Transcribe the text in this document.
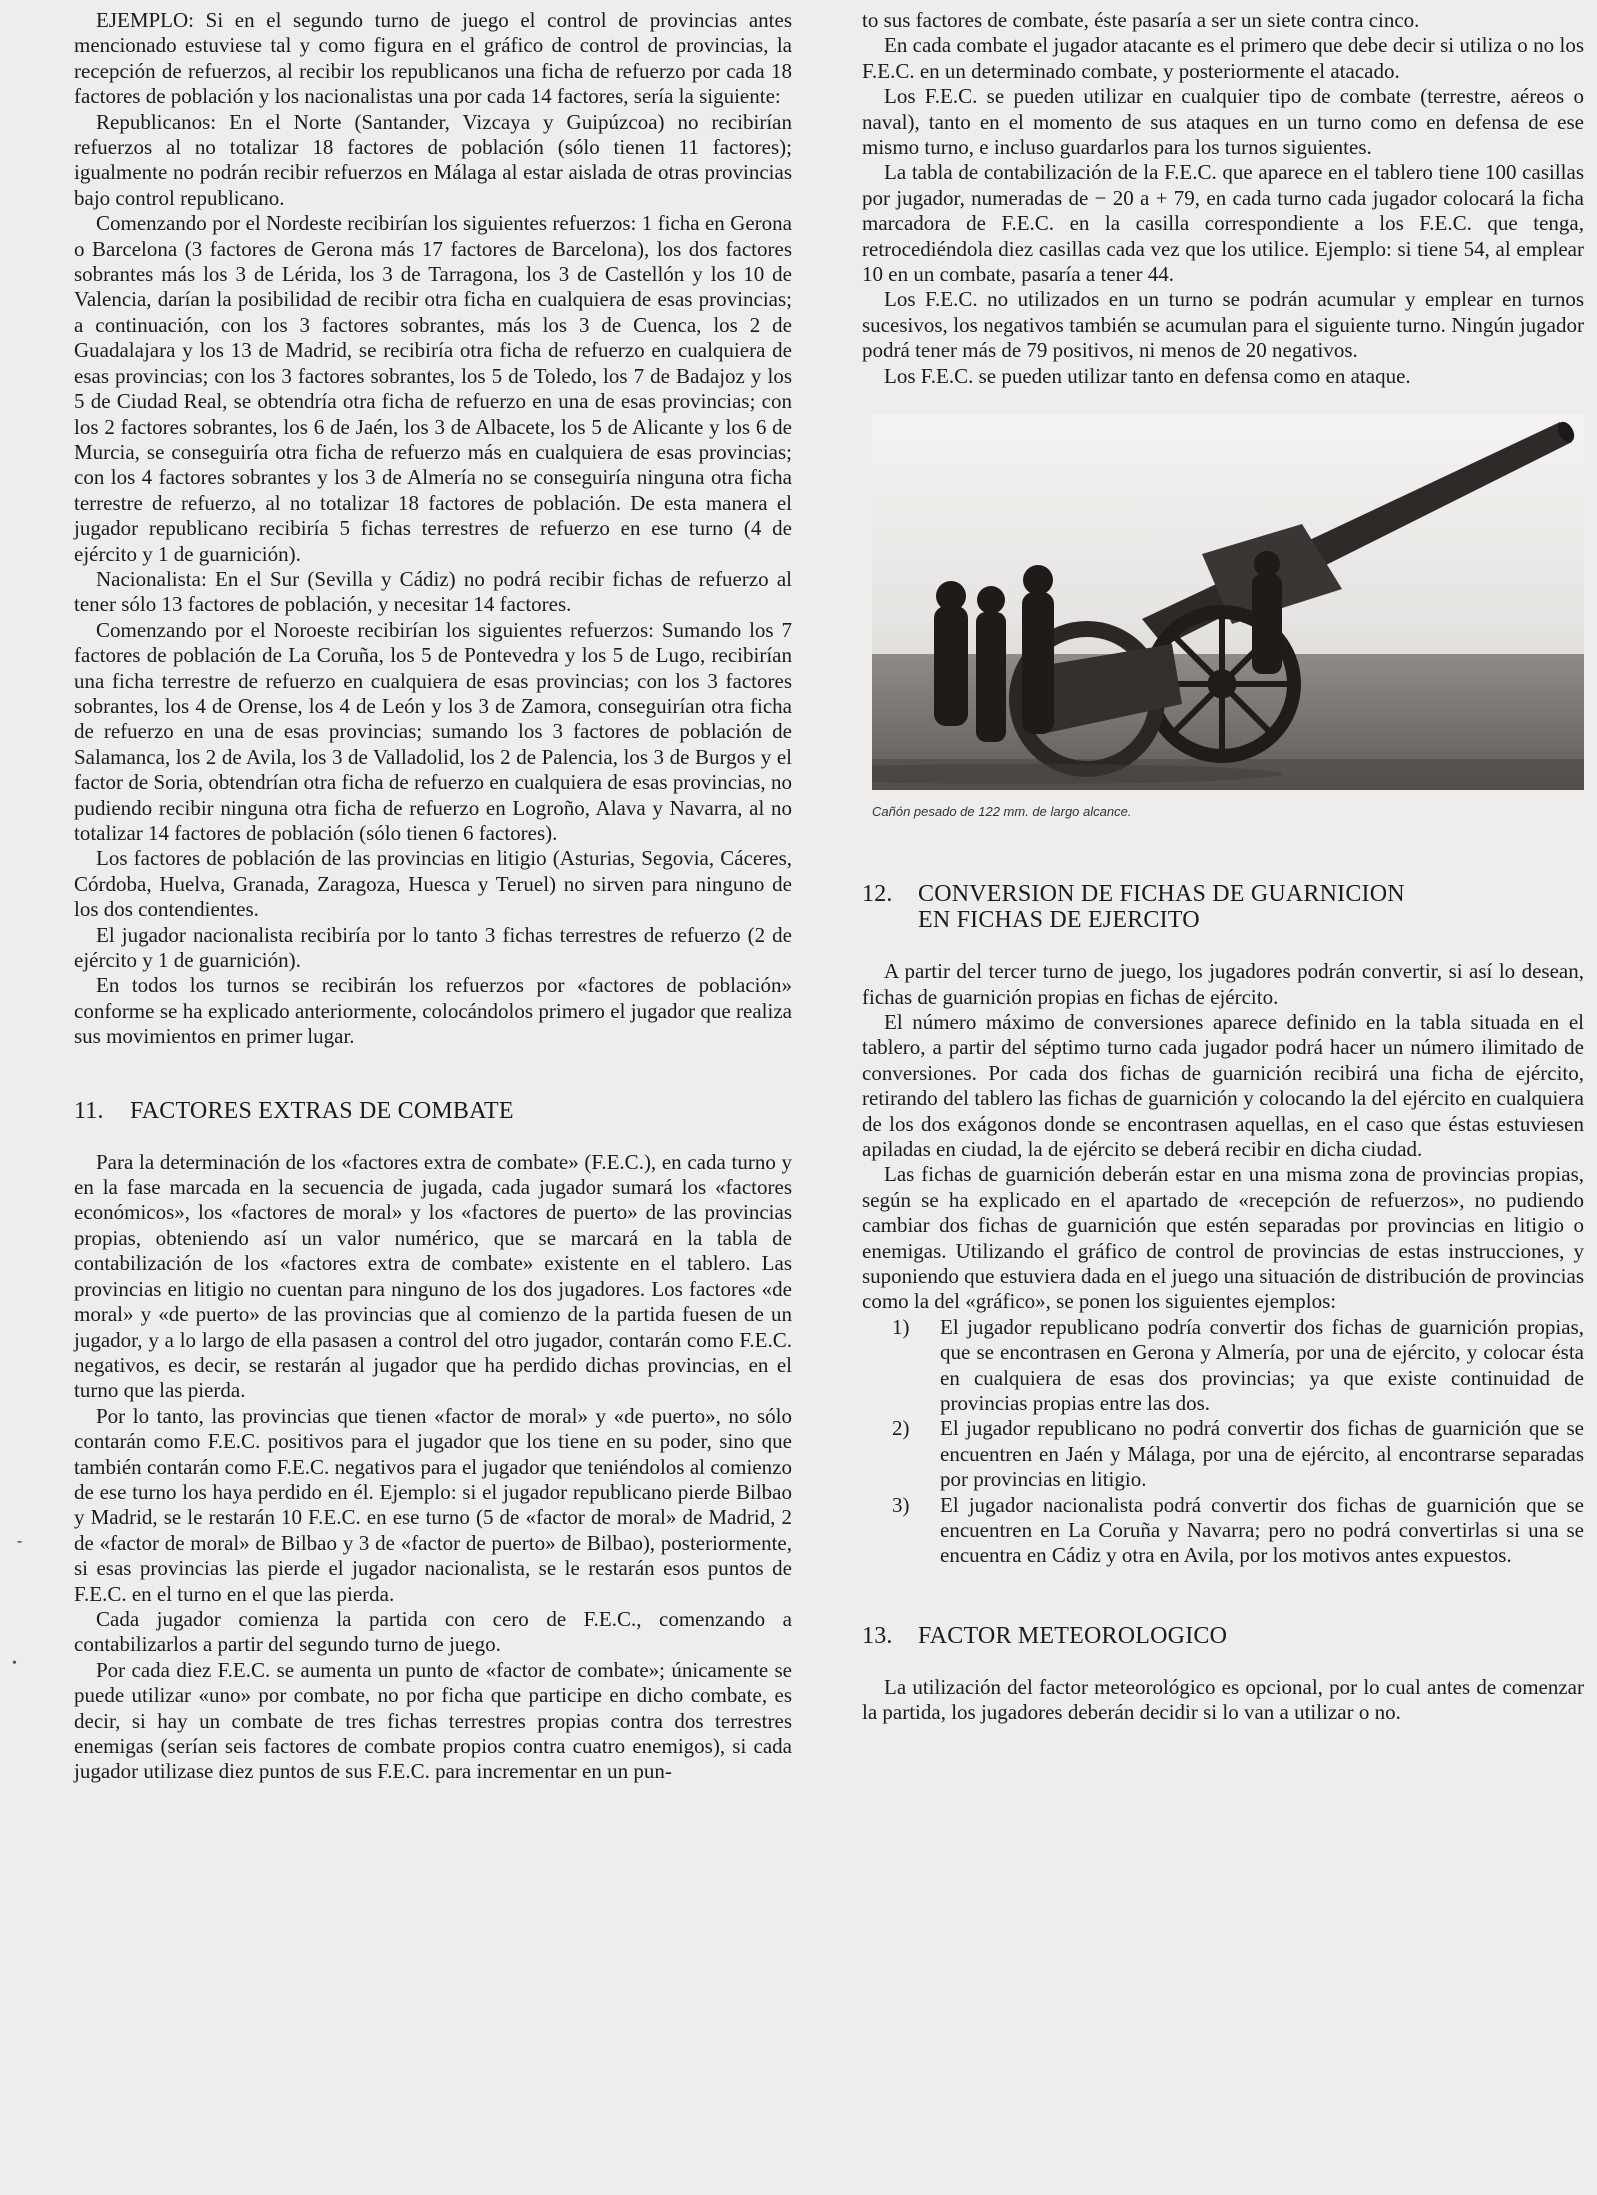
EJEMPLO: Si en el segundo turno de juego el control de provincias antes mencionado estuviese tal y como figura en el gráfico de control de provincias, la recepción de refuerzos, al recibir los republicanos una ficha de refuerzo por cada 18 factores de población y los nacionalistas una por cada 14 factores, sería la siguiente:

Republicanos: En el Norte (Santander, Vizcaya y Guipúzcoa) no recibirían refuerzos al no totalizar 18 factores de población (sólo tienen 11 factores); igualmente no podrán recibir refuerzos en Málaga al estar aislada de otras provincias bajo control republicano.

Comenzando por el Nordeste recibirían los siguientes refuerzos: 1 ficha en Gerona o Barcelona (3 factores de Gerona más 17 factores de Barcelona), los dos factores sobrantes más los 3 de Lérida, los 3 de Tarragona, los 3 de Castellón y los 10 de Valencia, darían la posibilidad de recibir otra ficha en cualquiera de esas provincias; a continuación, con los 3 factores sobrantes, más los 3 de Cuenca, los 2 de Guadalajara y los 13 de Madrid, se recibiría otra ficha de refuerzo en cualquiera de esas provincias; con los 3 factores sobrantes, los 5 de Toledo, los 7 de Badajoz y los 5 de Ciudad Real, se obtendría otra ficha de refuerzo en una de esas provincias; con los 2 factores sobrantes, los 6 de Jaén, los 3 de Albacete, los 5 de Alicante y los 6 de Murcia, se conseguiría otra ficha de refuerzo más en cualquiera de esas provincias; con los 4 factores sobrantes y los 3 de Almería no se conseguiría ninguna otra ficha terrestre de refuerzo, al no totalizar 18 factores de población. De esta manera el jugador republicano recibiría 5 fichas terrestres de refuerzo en ese turno (4 de ejército y 1 de guarnición).

Nacionalista: En el Sur (Sevilla y Cádiz) no podrá recibir fichas de refuerzo al tener sólo 13 factores de población, y necesitar 14 factores.

Comenzando por el Noroeste recibirían los siguientes refuerzos: Sumando los 7 factores de población de La Coruña, los 5 de Pontevedra y los 5 de Lugo, recibirían una ficha terrestre de refuerzo en cualquiera de esas provincias; con los 3 factores sobrantes, los 4 de Orense, los 4 de León y los 3 de Zamora, conseguirían otra ficha de refuerzo en una de esas provincias; sumando los 3 factores de población de Salamanca, los 2 de Avila, los 3 de Valladolid, los 2 de Palencia, los 3 de Burgos y el factor de Soria, obtendrían otra ficha de refuerzo en cualquiera de esas provincias, no pudiendo recibir ninguna otra ficha de refuerzo en Logroño, Alava y Navarra, al no totalizar 14 factores de población (sólo tienen 6 factores).

Los factores de población de las provincias en litigio (Asturias, Segovia, Cáceres, Córdoba, Huelva, Granada, Zaragoza, Huesca y Teruel) no sirven para ninguno de los dos contendientes.

El jugador nacionalista recibiría por lo tanto 3 fichas terrestres de refuerzo (2 de ejército y 1 de guarnición).

En todos los turnos se recibirán los refuerzos por «factores de población» conforme se ha explicado anteriormente, colocándolos primero el jugador que realiza sus movimientos en primer lugar.

11. FACTORES EXTRAS DE COMBATE

Para la determinación de los «factores extra de combate» (F.E.C.), en cada turno y en la fase marcada en la secuencia de jugada, cada jugador sumará los «factores económicos», los «factores de moral» y los «factores de puerto» de las provincias propias, obteniendo así un valor numérico, que se marcará en la tabla de contabilización de los «factores extra de combate» existente en el tablero. Las provincias en litigio no cuentan para ninguno de los dos jugadores. Los factores «de moral» y «de puerto» de las provincias que al comienzo de la partida fuesen de un jugador, y a lo largo de ella pasasen a control del otro jugador, contarán como F.E.C. negativos, es decir, se restarán al jugador que ha perdido dichas provincias, en el turno que las pierda.

Por lo tanto, las provincias que tienen «factor de moral» y «de puerto», no sólo contarán como F.E.C. positivos para el jugador que los tiene en su poder, sino que también contarán como F.E.C. negativos para el jugador que teniéndolos al comienzo de ese turno los haya perdido en él. Ejemplo: si el jugador republicano pierde Bilbao y Madrid, se le restarán 10 F.E.C. en ese turno (5 de «factor de moral» de Madrid, 2 de «factor de moral» de Bilbao y 3 de «factor de puerto» de Bilbao), posteriormente, si esas provincias las pierde el jugador nacionalista, se le restarán esos puntos de F.E.C. en el turno en el que las pierda.

Cada jugador comienza la partida con cero de F.E.C., comenzando a contabilizarlos a partir del segundo turno de juego.

Por cada diez F.E.C. se aumenta un punto de «factor de combate»; únicamente se puede utilizar «uno» por combate, no por ficha que participe en dicho combate, es decir, si hay un combate de tres fichas terrestres propias contra dos terrestres enemigas (serían seis factores de combate propios contra cuatro enemigos), si cada jugador utilizase diez puntos de sus F.E.C. para incrementar en un pun-

to sus factores de combate, éste pasaría a ser un siete contra cinco.

En cada combate el jugador atacante es el primero que debe decir si utiliza o no los F.E.C. en un determinado combate, y posteriormente el atacado.

Los F.E.C. se pueden utilizar en cualquier tipo de combate (terrestre, aéreos o naval), tanto en el momento de sus ataques en un turno como en defensa de ese mismo turno, e incluso guardarlos para los turnos siguientes.

La tabla de contabilización de la F.E.C. que aparece en el tablero tiene 100 casillas por jugador, numeradas de − 20 a + 79, en cada turno cada jugador colocará la ficha marcadora de F.E.C. en la casilla correspondiente a los F.E.C. que tenga, retrocediéndola diez casillas cada vez que los utilice. Ejemplo: si tiene 54, al emplear 10 en un combate, pasaría a tener 44.

Los F.E.C. no utilizados en un turno se podrán acumular y emplear en turnos sucesivos, los negativos también se acumulan para el siguiente turno. Ningún jugador podrá tener más de 79 positivos, ni menos de 20 negativos.

Los F.E.C. se pueden utilizar tanto en defensa como en ataque.

Cañón pesado de 122 mm. de largo alcance.
12. CONVERSION DE FICHAS DE GUARNICION
EN FICHAS DE EJERCITO

A partir del tercer turno de juego, los jugadores podrán convertir, si así lo desean, fichas de guarnición propias en fichas de ejército.

El número máximo de conversiones aparece definido en la tabla situada en el tablero, a partir del séptimo turno cada jugador podrá hacer un número ilimitado de conversiones. Por cada dos fichas de guarnición recibirá una ficha de ejército, retirando del tablero las fichas de guarnición y colocando la del ejército en cualquiera de los dos exágonos donde se encontrasen aquellas, en el caso que éstas estuviesen apiladas en ciudad, la de ejército se deberá recibir en dicha ciudad.

Las fichas de guarnición deberán estar en una misma zona de provincias propias, según se ha explicado en el apartado de «recepción de refuerzos», no pudiendo cambiar dos fichas de guarnición que estén separadas por provincias en litigio o enemigas. Utilizando el gráfico de control de provincias de estas instrucciones, y suponiendo que estuviera dada en el juego una situación de distribución de provincias como la del «gráfico», se ponen los siguientes ejemplos:

1) El jugador republicano podría convertir dos fichas de guarnición propias, que se encontrasen en Gerona y Almería, por una de ejército, y colocar ésta en cualquiera de esas dos provincias; ya que existe continuidad de provincias propias entre las dos.

2) El jugador republicano no podrá convertir dos fichas de guarnición que se encuentren en Jaén y Málaga, por una de ejército, al encontrarse separadas por provincias en litigio.

3) El jugador nacionalista podrá convertir dos fichas de guarnición que se encuentren en La Coruña y Navarra; pero no podrá convertirlas si una se encuentra en Cádiz y otra en Avila, por los motivos antes expuestos.

13. FACTOR METEOROLOGICO

La utilización del factor meteorológico es opcional, por lo cual antes de comenzar la partida, los jugadores deberán decidir si lo van a utilizar o no.

⁃
•
